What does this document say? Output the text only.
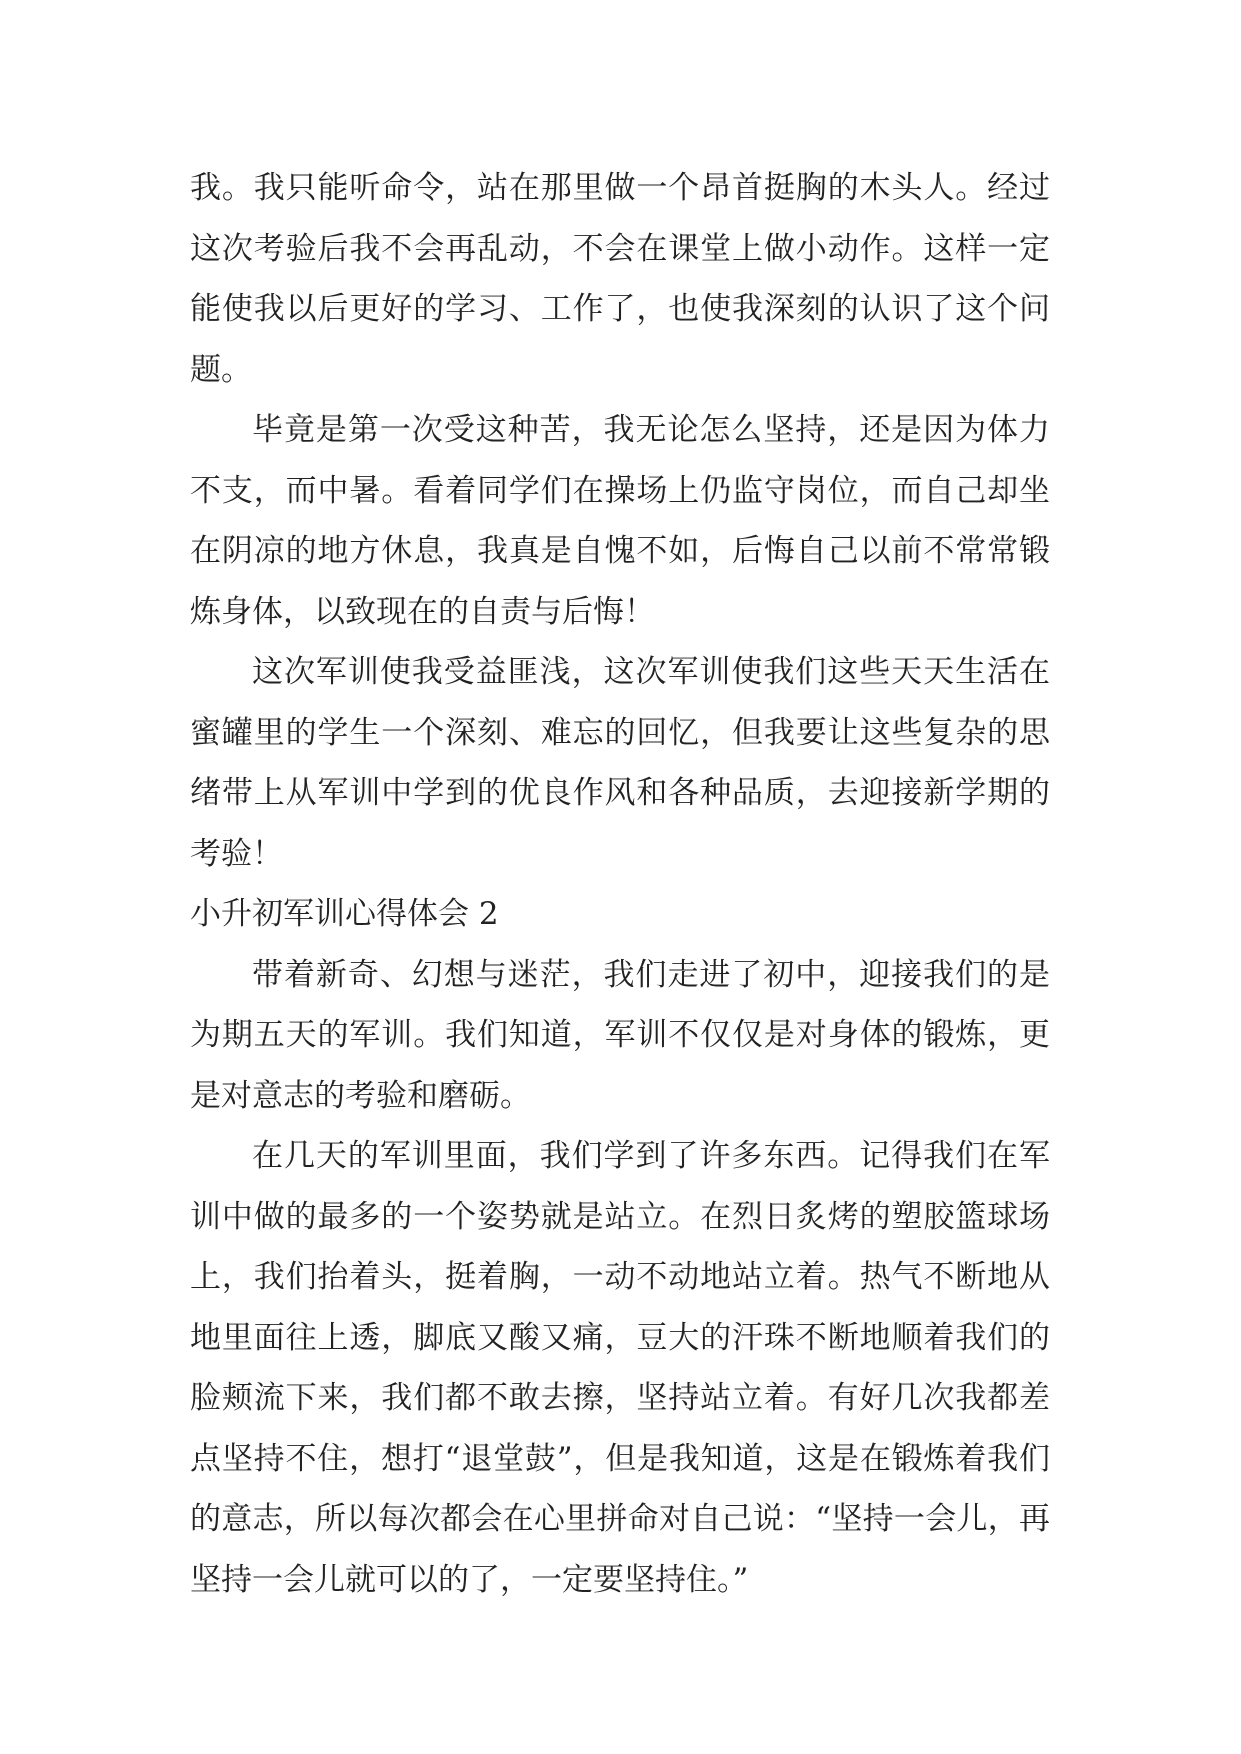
我。我只能听命令，站在那里做一个昂首挺胸的木头人。经过这次考验后我不会再乱动，不会在课堂上做小动作。这样一定能使我以后更好的学习、工作了，也使我深刻的认识了这个问题。

毕竟是第一次受这种苦，我无论怎么坚持，还是因为体力不支，而中暑。看着同学们在操场上仍监守岗位，而自己却坐在阴凉的地方休息，我真是自愧不如，后悔自己以前不常常锻炼身体，以致现在的自责与后悔！

这次军训使我受益匪浅，这次军训使我们这些天天生活在蜜罐里的学生一个深刻、难忘的回忆，但我要让这些复杂的思绪带上从军训中学到的优良作风和各种品质，去迎接新学期的考验！

小升初军训心得体会 2

带着新奇、幻想与迷茫，我们走进了初中，迎接我们的是为期五天的军训。我们知道，军训不仅仅是对身体的锻炼，更是对意志的考验和磨砺。

在几天的军训里面，我们学到了许多东西。记得我们在军训中做的最多的一个姿势就是站立。在烈日炙烤的塑胶篮球场上，我们抬着头，挺着胸，一动不动地站立着。热气不断地从地里面往上透，脚底又酸又痛，豆大的汗珠不断地顺着我们的脸颊流下来，我们都不敢去擦，坚持站立着。有好几次我都差点坚持不住，想打“退堂鼓”，但是我知道，这是在锻炼着我们的意志，所以每次都会在心里拼命对自己说：“坚持一会儿，再坚持一会儿就可以的了，一定要坚持住。”
